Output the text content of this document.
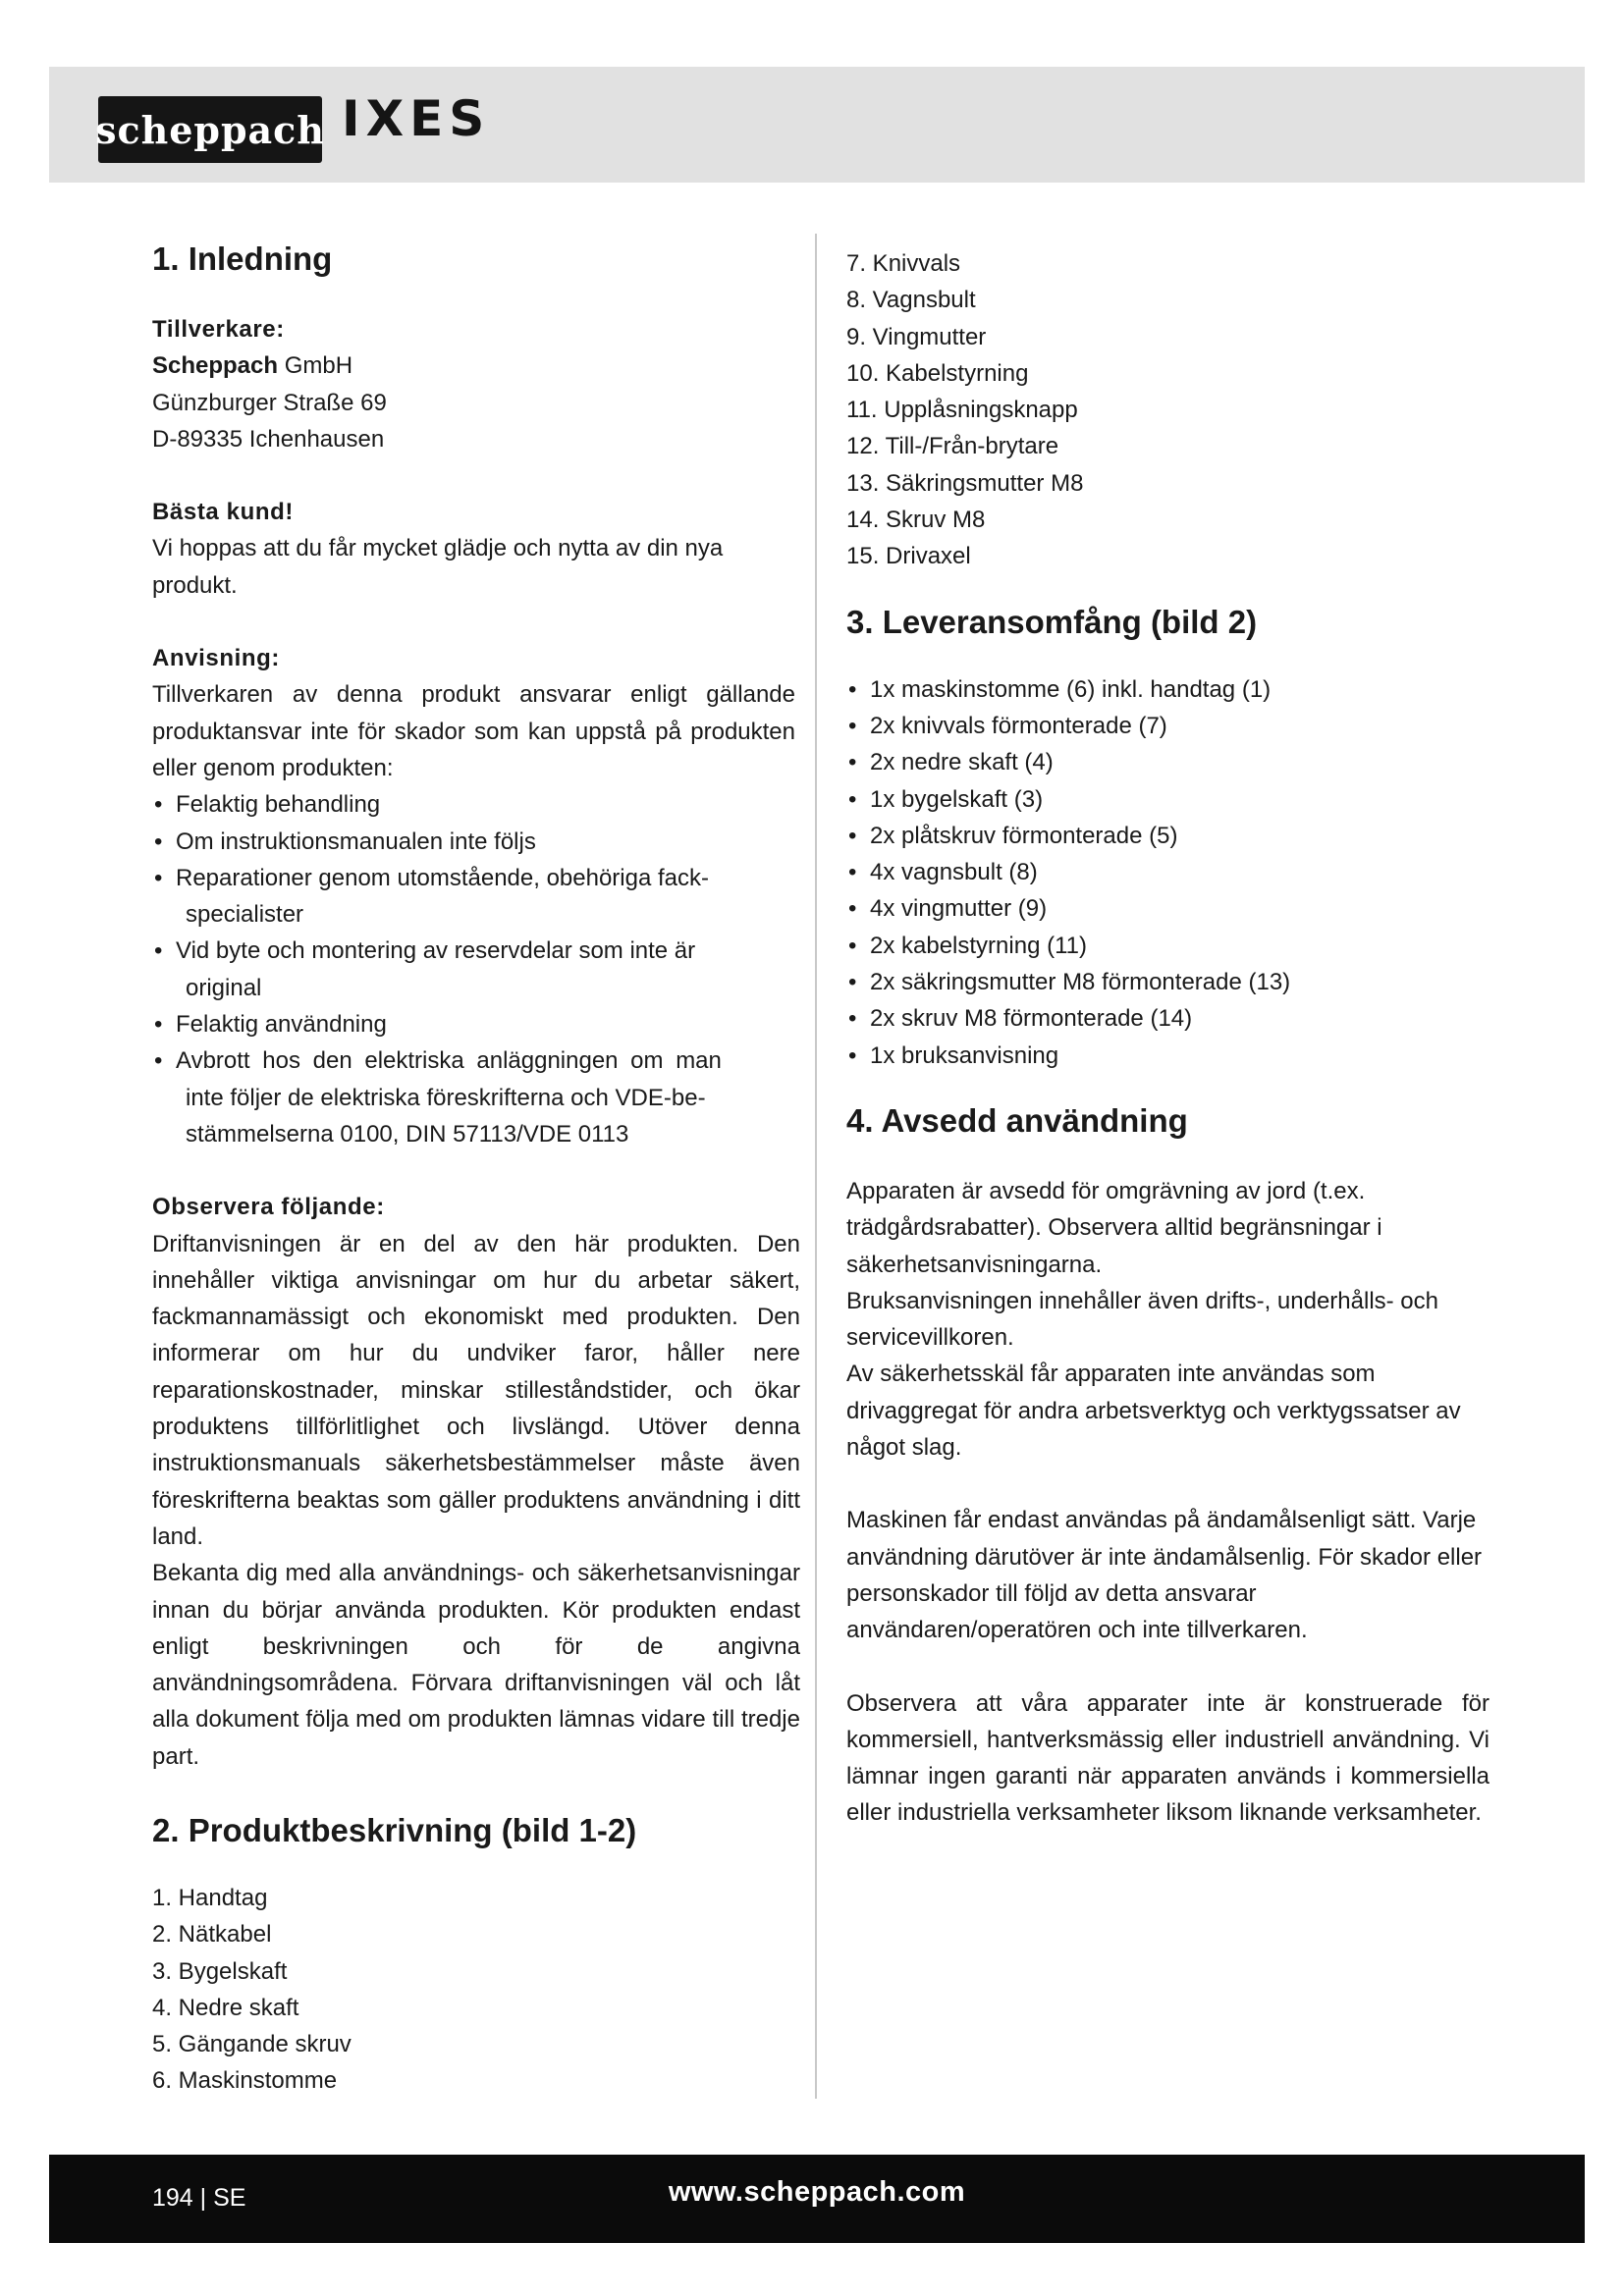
scheppach IXES
1. Inledning

Tillverkare:

Scheppach GmbH

Günzburger Straße 69

D-89335 Ichenhausen

Bästa kund!

Vi hoppas att du får mycket glädje och nytta av din nya produkt.

Anvisning:

Tillverkaren av denna produkt ansvarar enligt gällande produktansvar inte för skador som kan uppstå på produkten eller genom produkten:

• Felaktig behandling
• Om instruktionsmanualen inte följs
• Reparationer genom utomstående, obehöriga fack-
specialister
• Vid byte och montering av reservdelar som inte är
original
• Felaktig användning
• Avbrott hos den elektriska anläggningen om man
inte följer de elektriska föreskrifterna och VDE-be-
stämmelserna 0100, DIN 57113/VDE 0113

Observera följande:

Driftanvisningen är en del av den här produkten. Den innehåller viktiga anvisningar om hur du arbetar säkert, fackmannamässigt och ekonomiskt med produkten. Den informerar om hur du undviker faror, håller nere reparationskostnader, minskar stilleståndstider, och ökar produktens tillförlitlighet och livslängd. Utöver denna instruktionsmanuals säkerhetsbestämmelser måste även föreskrifterna beaktas som gäller produktens användning i ditt land.

Bekanta dig med alla användnings- och säkerhetsanvisningar innan du börjar använda produkten. Kör produkten endast enligt beskrivningen och för de angivna användningsområdena. Förvara driftanvisningen väl och låt alla dokument följa med om produkten lämnas vidare till tredje part.

2. Produktbeskrivning (bild 1-2)
1. Handtag
2. Nätkabel
3. Bygelskaft
4. Nedre skaft
5. Gängande skruv
6. Maskinstomme
7. Knivvals
8. Vagnsbult
9. Vingmutter
10. Kabelstyrning
11. Upplåsningsknapp
12. Till-/Från-brytare
13. Säkringsmutter M8
14. Skruv M8
15. Drivaxel
3. Leveransomfång (bild 2)
• 1x maskinstomme (6) inkl. handtag (1)
• 2x knivvals förmonterade (7)
• 2x nedre skaft (4)
• 1x bygelskaft (3)
• 2x plåtskruv förmonterade (5)
• 4x vagnsbult (8)
• 4x vingmutter (9)
• 2x kabelstyrning (11)
• 2x säkringsmutter M8 förmonterade (13)
• 2x skruv M8 förmonterade (14)
• 1x bruksanvisning
4. Avsedd användning

Apparaten är avsedd för omgrävning av jord (t.ex. trädgårdsrabatter). Observera alltid begränsningar i säkerhetsanvisningarna.

Bruksanvisningen innehåller även drifts-, underhålls- och servicevillkoren.

Av säkerhetsskäl får apparaten inte användas som drivaggregat för andra arbetsverktyg och verktygssatser av något slag.

Maskinen får endast användas på ändamålsenligt sätt. Varje användning därutöver är inte ändamålsenlig. För skador eller personskador till följd av detta ansvarar användaren/operatören och inte tillverkaren.

Observera att våra apparater inte är konstruerade för kommersiell, hantverksmässig eller industriell användning. Vi lämnar ingen garanti när apparaten används i kommersiella eller industriella verksamheter liksom liknande verksamheter.

194 | SE	www.scheppach.com
